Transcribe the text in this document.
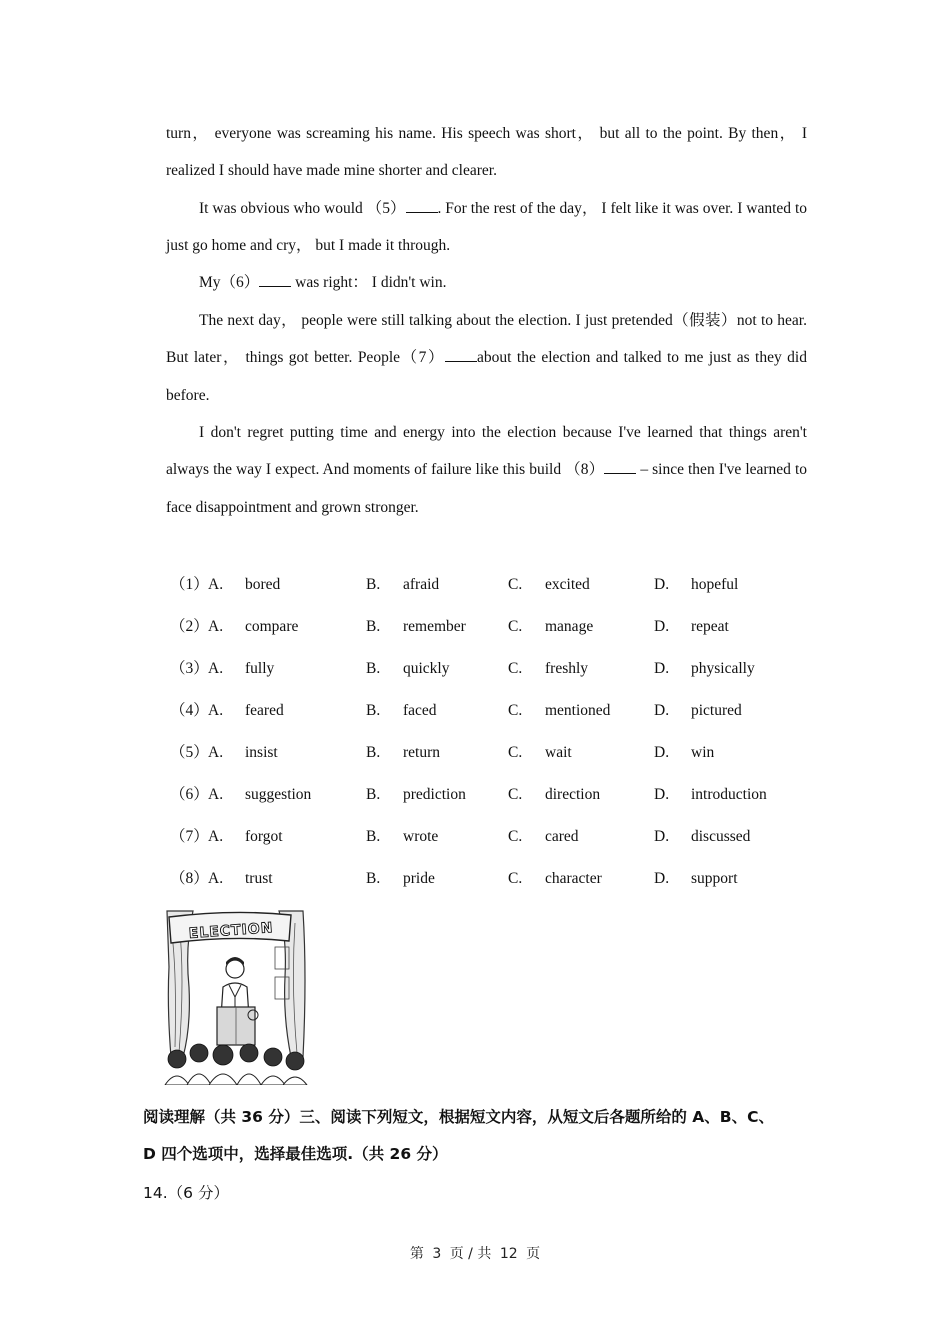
turn， everyone was screaming his name. His speech was short， but all to the point. By then， I realized I should have made mine shorter and clearer.

It was obvious who would （5） . For the rest of the day， I felt like it was over. I wanted to just go home and cry， but I made it through.

My（6） was right： I didn't win.

The next day， people were still talking about the election. I just pretended（假装）not to hear. But later， things got better. People（7） about the election and talked to me just as they did before.

I don't regret putting time and energy into the election because I've learned that things aren't always the way I expect. And moments of failure like this build （8） – since then I've learned to face disappointment and grown stronger.

（1） A. bored	B. afraid	C. excited	D. hopeful
（2） A. compare	B. remember	C. manage	D. repeat
（3） A. fully	B. quickly	C. freshly	D. physically
（4） A. feared	B. faced	C. mentioned	D. pictured
（5） A. insist	B. return	C. wait	D. win
（6） A. suggestion	B. prediction	C. direction	D. introduction
（7） A. forgot	B. wrote	C. cared	D. discussed
（8） A. trust	B. pride	C. character	D. support
ELECTION

阅读理解（共 36 分）三、阅读下列短文，根据短文内容，从短文后各题所给的 A、B、C、

D 四个选项中，选择最佳选项.（共 26 分）

14.（6 分）
第 3 页 / 共 12 页
